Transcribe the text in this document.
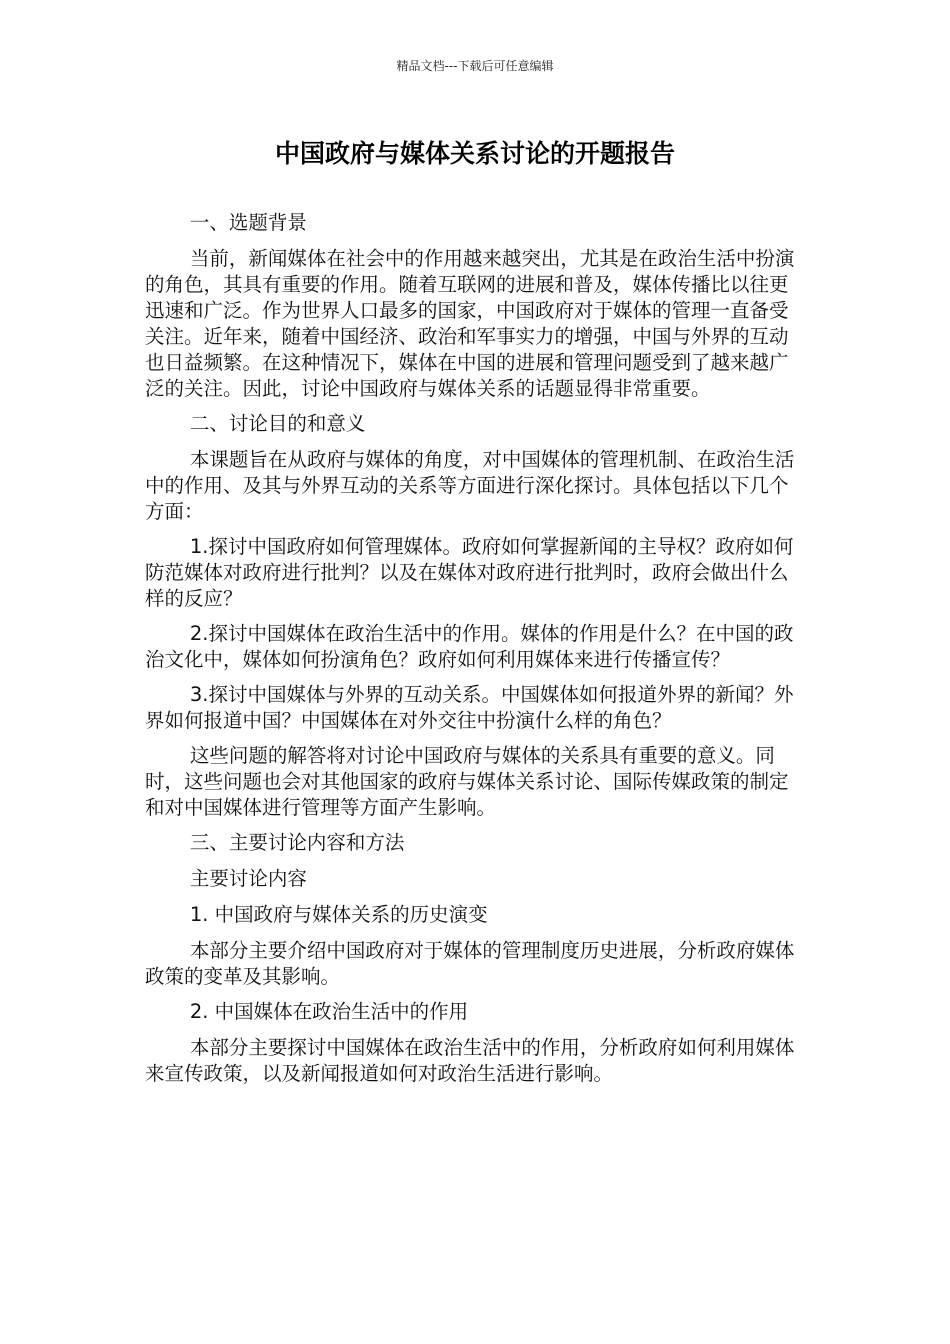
精品文档---下载后可任意编辑
中国政府与媒体关系讨论的开题报告

一、选题背景

当前，新闻媒体在社会中的作用越来越突出，尤其是在政治生活中扮演的角色，其具有重要的作用。随着互联网的进展和普及，媒体传播比以往更迅速和广泛。作为世界人口最多的国家，中国政府对于媒体的管理一直备受关注。近年来，随着中国经济、政治和军事实力的增强，中国与外界的互动也日益频繁。在这种情况下，媒体在中国的进展和管理问题受到了越来越广泛的关注。因此，讨论中国政府与媒体关系的话题显得非常重要。

二、讨论目的和意义

本课题旨在从政府与媒体的角度，对中国媒体的管理机制、在政治生活中的作用、及其与外界互动的关系等方面进行深化探讨。具体包括以下几个方面：

1.探讨中国政府如何管理媒体。政府如何掌握新闻的主导权？政府如何防范媒体对政府进行批判？以及在媒体对政府进行批判时，政府会做出什么样的反应？

2.探讨中国媒体在政治生活中的作用。媒体的作用是什么？在中国的政治文化中，媒体如何扮演角色？政府如何利用媒体来进行传播宣传？

3.探讨中国媒体与外界的互动关系。中国媒体如何报道外界的新闻？外界如何报道中国？中国媒体在对外交往中扮演什么样的角色？

这些问题的解答将对讨论中国政府与媒体的关系具有重要的意义。同时，这些问题也会对其他国家的政府与媒体关系讨论、国际传媒政策的制定和对中国媒体进行管理等方面产生影响。

三、主要讨论内容和方法

主要讨论内容

1. 中国政府与媒体关系的历史演变

本部分主要介绍中国政府对于媒体的管理制度历史进展，分析政府媒体政策的变革及其影响。

2. 中国媒体在政治生活中的作用

本部分主要探讨中国媒体在政治生活中的作用，分析政府如何利用媒体来宣传政策，以及新闻报道如何对政治生活进行影响。
